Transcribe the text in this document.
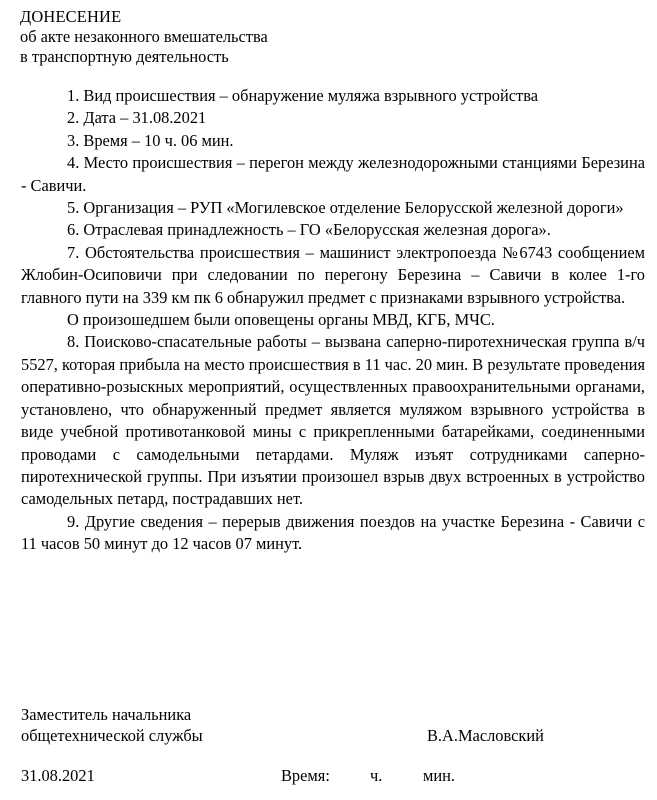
ДОНЕСЕНИЕ
об акте незаконного вмешательства
в транспортную деятельность

1. Вид происшествия – обнаружение муляжа взрывного устройства

2. Дата – 31.08.2021

3. Время – 10 ч. 06 мин.

4. Место происшествия – перегон между железнодорожными станциями Березина - Савичи.

5. Организация – РУП «Могилевское отделение Белорусской железной дороги»

6. Отраслевая принадлежность – ГО «Белорусская железная дорога».

7. Обстоятельства происшествия – машинист электропоезда №6743 сообщением Жлобин-Осиповичи при следовании по перегону Березина – Савичи в колее 1-го главного пути на 339 км пк 6 обнаружил предмет с признаками взрывного устройства.

О произошедшем были оповещены органы МВД, КГБ, МЧС.

8. Поисково-спасательные работы – вызвана саперно-пиротехническая группа в/ч 5527, которая прибыла на место происшествия в 11 час. 20 мин. В результате проведения оперативно-розыскных мероприятий, осуществленных правоохранительными органами, установлено, что обнаруженный предмет является муляжом взрывного устройства в виде учебной противотанковой мины с прикрепленными батарейками, соединенными проводами с самодельными петардами. Муляж изъят сотрудниками саперно-пиротехнической группы. При изъятии произошел взрыв двух встроенных в устройство самодельных петард, пострадавших нет.

9. Другие сведения – перерыв движения поездов на участке Березина - Савичи с 11 часов 50 минут до 12 часов 07 минут.

Заместитель начальника
общетехнической службы	В.А.Масловский
31.08.2021	Время: ч. мин.
